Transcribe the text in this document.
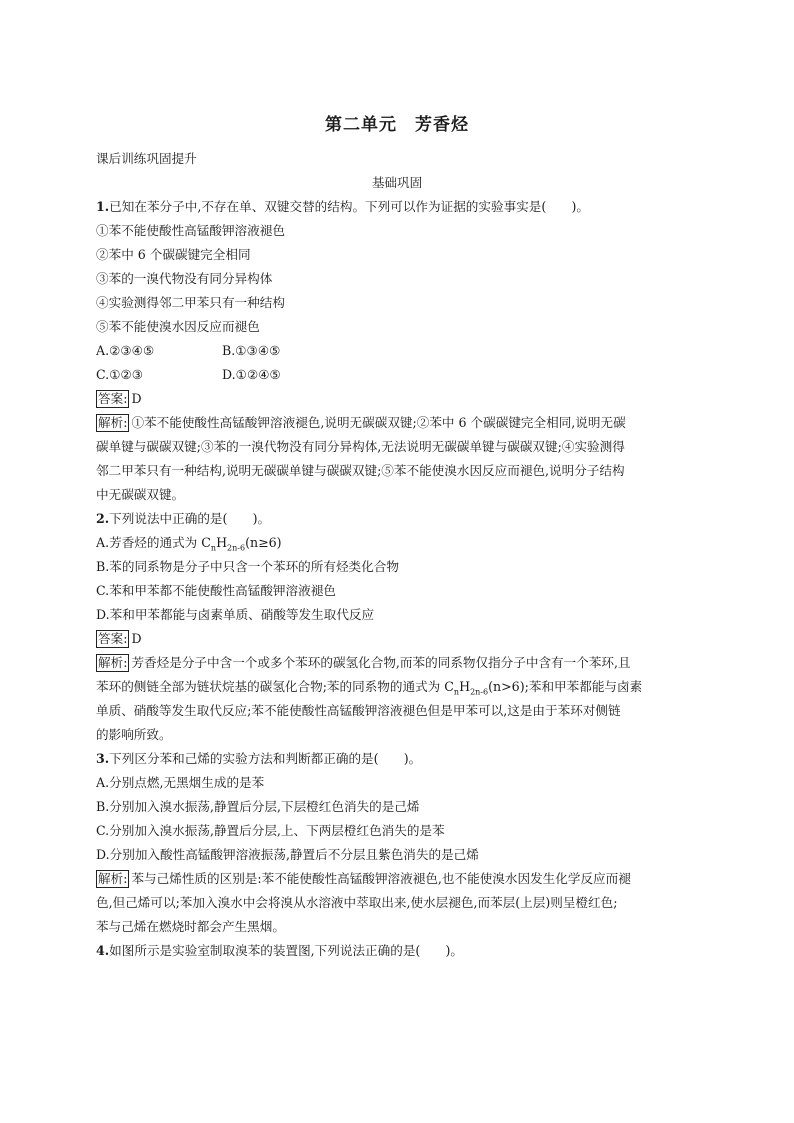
第二单元　芳香烃
课后训练巩固提升
基础巩固
1.已知在苯分子中,不存在单、双键交替的结构。下列可以作为证据的实验事实是(　　)。
①苯不能使酸性高锰酸钾溶液褪色
②苯中 6 个碳碳键完全相同
③苯的一溴代物没有同分异构体
④实验测得邻二甲苯只有一种结构
⑤苯不能使溴水因反应而褪色
A.②③④⑤	B.①③④⑤
C.①②③	D.①②④⑤
答案: D
解析: ①苯不能使酸性高锰酸钾溶液褪色,说明无碳碳双键;②苯中 6 个碳碳键完全相同,说明无碳
碳单键与碳碳双键;③苯的一溴代物没有同分异构体,无法说明无碳碳单键与碳碳双键;④实验测得
邻二甲苯只有一种结构,说明无碳碳单键与碳碳双键;⑤苯不能使溴水因反应而褪色,说明分子结构
中无碳碳双键。
2.下列说法中正确的是(　　)。
A.芳香烃的通式为 $C_nH_{2n-6}(n\ge 6)$
B.苯的同系物是分子中只含一个苯环的所有烃类化合物
C.苯和甲苯都不能使酸性高锰酸钾溶液褪色
D.苯和甲苯都能与卤素单质、硝酸等发生取代反应
答案: D
解析: 芳香烃是分子中含一个或多个苯环的碳氢化合物,而苯的同系物仅指分子中含有一个苯环,且
苯环的侧链全部为链状烷基的碳氢化合物;苯的同系物的通式为 $C_nH_{2n-6}(n>6)$;苯和甲苯都能与卤素
单质、硝酸等发生取代反应;苯不能使酸性高锰酸钾溶液褪色但是甲苯可以,这是由于苯环对侧链
的影响所致。
3.下列区分苯和己烯的实验方法和判断都正确的是(　　)。
A.分别点燃,无黑烟生成的是苯
B.分别加入溴水振荡,静置后分层,下层橙红色消失的是己烯
C.分别加入溴水振荡,静置后分层,上、下两层橙红色消失的是苯
D.分别加入酸性高锰酸钾溶液振荡,静置后不分层且紫色消失的是己烯
解析: 苯与己烯性质的区别是:苯不能使酸性高锰酸钾溶液褪色,也不能使溴水因发生化学反应而褪
色,但己烯可以;苯加入溴水中会将溴从水溶液中萃取出来,使水层褪色,而苯层(上层)则呈橙红色;
苯与己烯在燃烧时都会产生黑烟。
4.如图所示是实验室制取溴苯的装置图,下列说法正确的是(　　)。
